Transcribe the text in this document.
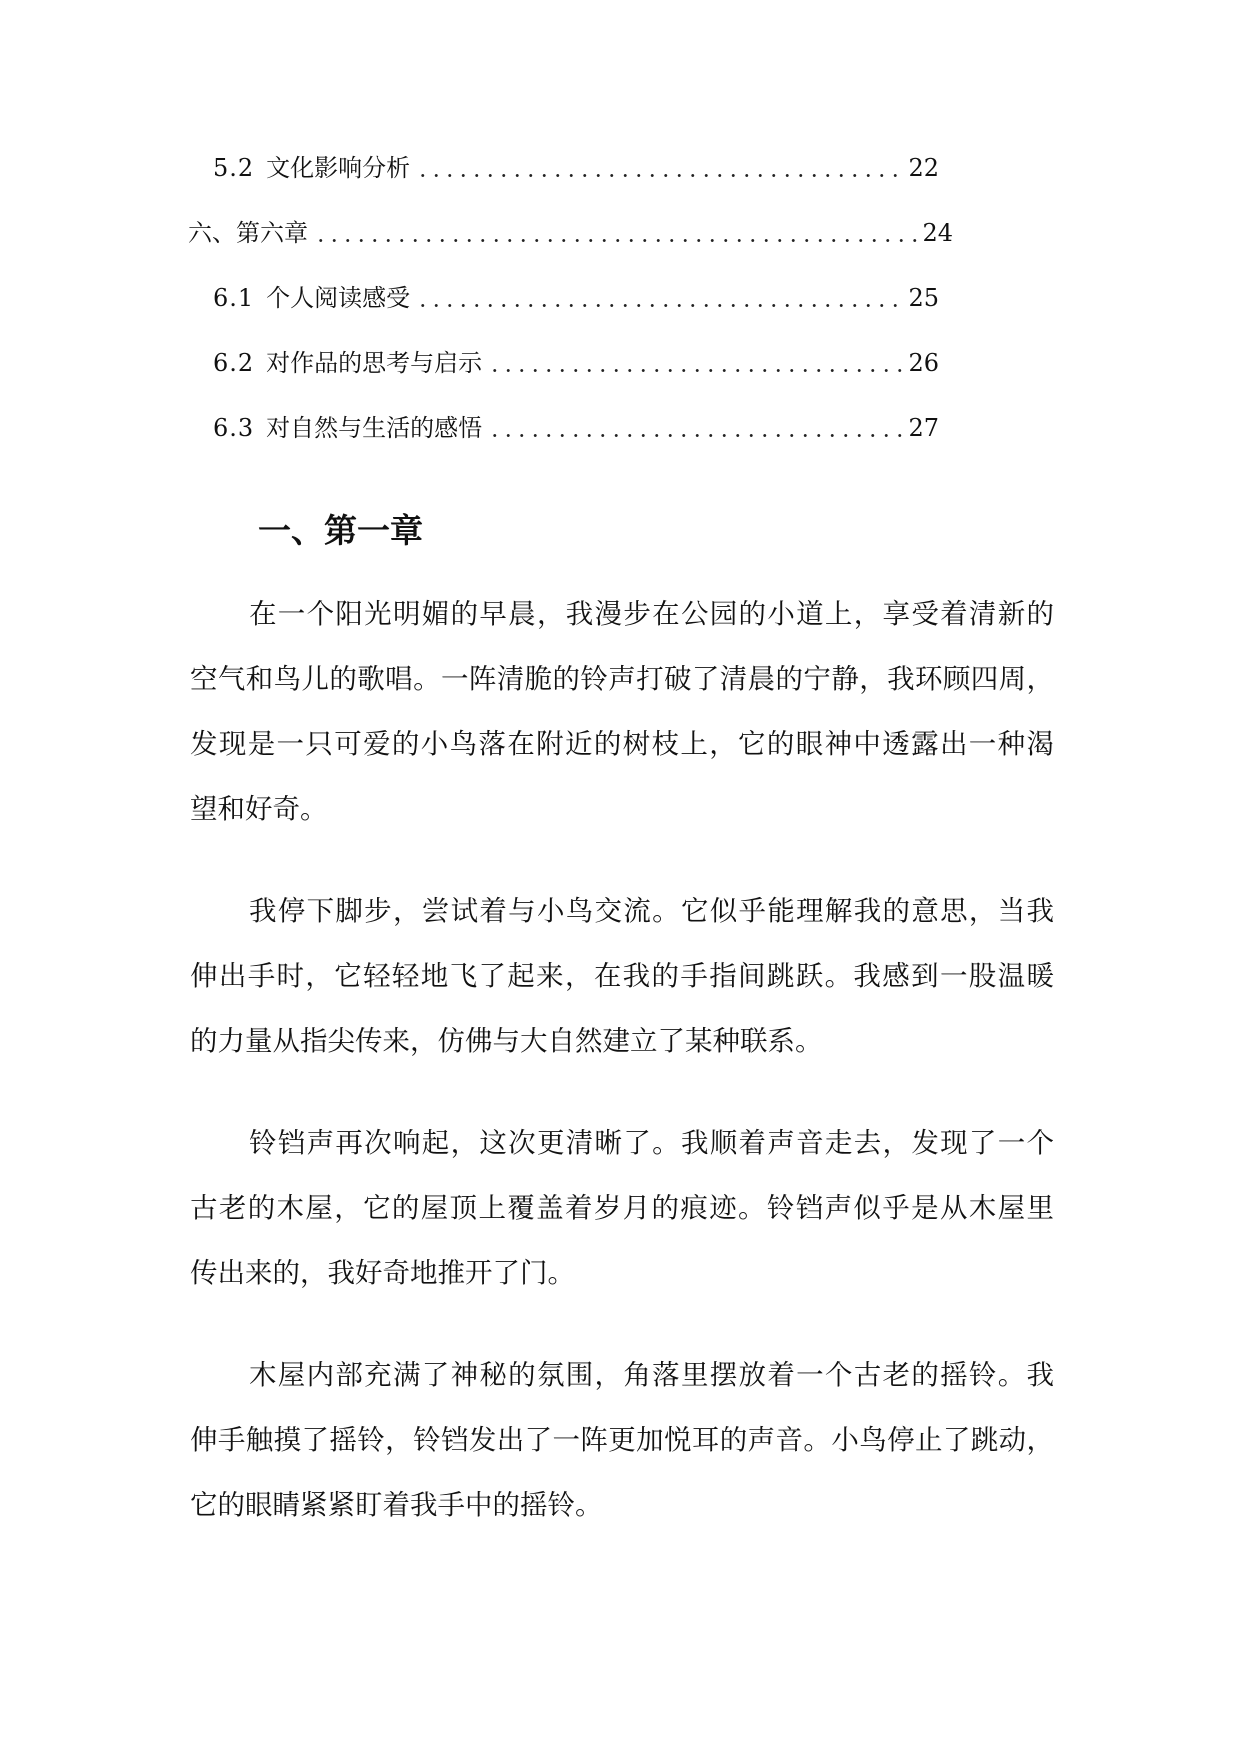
5.2 文化影响分析	22
六、 第六章	24
6.1 个人阅读感受	25
6.2 对作品的思考与启示	26
6.3 对自然与生活的感悟	27
一、第一章
在一个阳光明媚的早晨，我漫步在公园的小道上，享受着清新的
空气和鸟儿的歌唱。一阵清脆的铃声打破了清晨的宁静，我环顾四周，
发现是一只可爱的小鸟落在附近的树枝上，它的眼神中透露出一种渴
望和好奇。
我停下脚步，尝试着与小鸟交流。它似乎能理解我的意思，当我
伸出手时，它轻轻地飞了起来，在我的手指间跳跃。我感到一股温暖
的力量从指尖传来，仿佛与大自然建立了某种联系。
铃铛声再次响起，这次更清晰了。我顺着声音走去，发现了一个
古老的木屋，它的屋顶上覆盖着岁月的痕迹。铃铛声似乎是从木屋里
传出来的，我好奇地推开了门。
木屋内部充满了神秘的氛围，角落里摆放着一个古老的摇铃。我
伸手触摸了摇铃，铃铛发出了一阵更加悦耳的声音。小鸟停止了跳动，
它的眼睛紧紧盯着我手中的摇铃。
